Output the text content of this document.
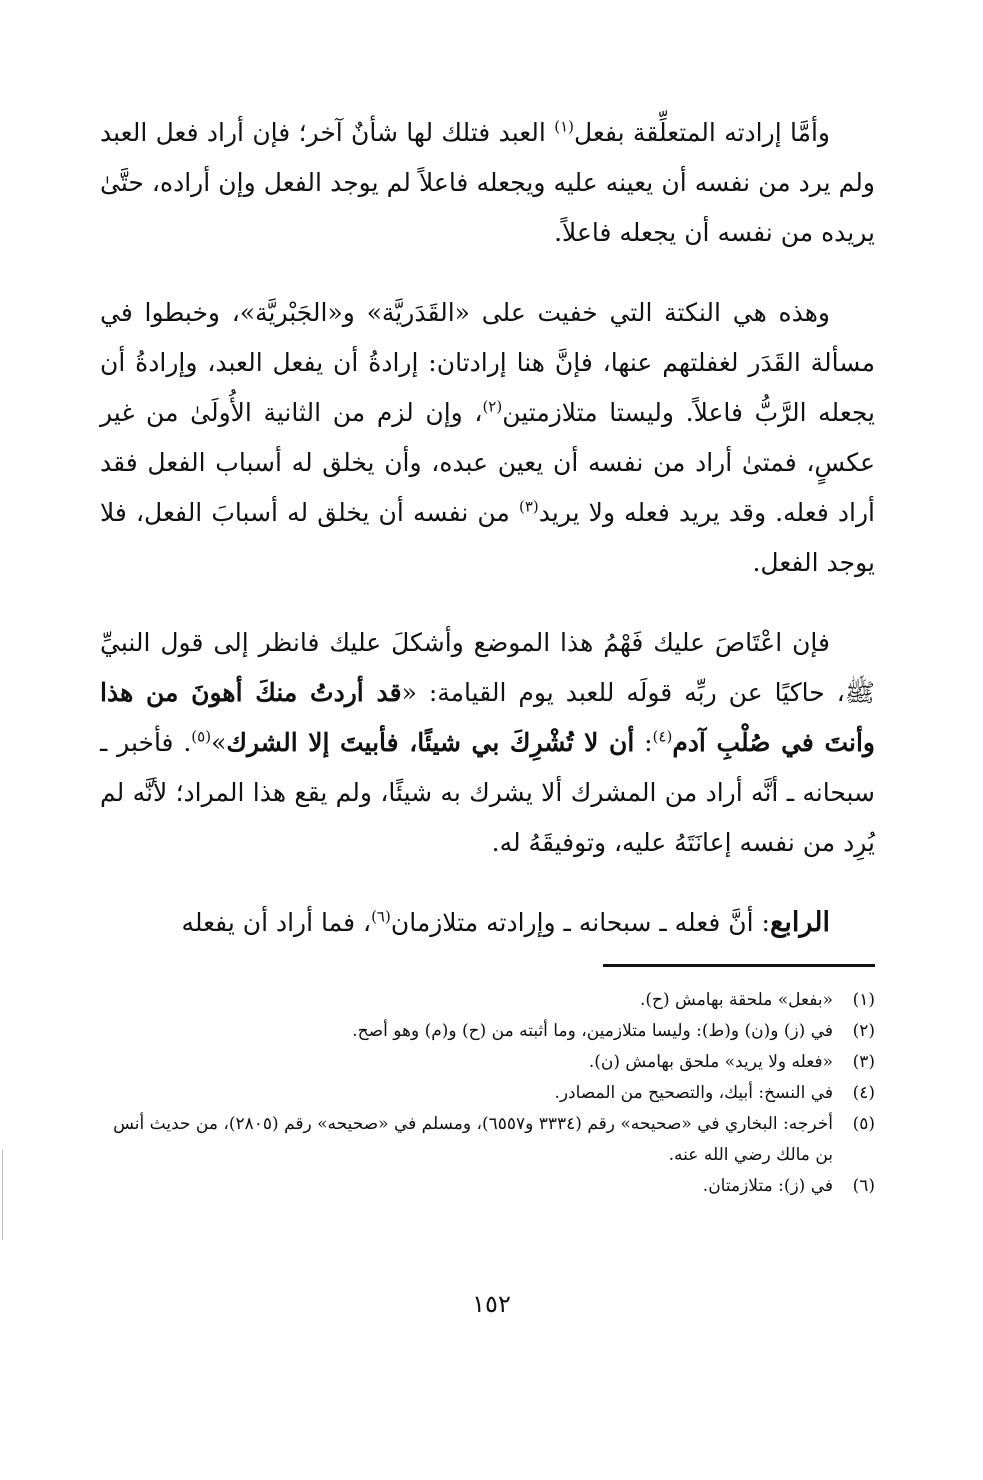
وأمَّا إرادته المتعلِّقة بفعل$^{(١)}$ العبد فتلك لها شأنٌ آخر؛ فإن أراد فعل العبد ولم يرد من نفسه أن يعينه عليه ويجعله فاعلاً لم يوجد الفعل وإن أراده، حتَّىٰ يريده من نفسه أن يجعله فاعلاً.

وهذه هي النكتة التي خفيت على «القَدَريَّة» و«الجَبْريَّة»، وخبطوا في مسألة القَدَر لغفلتهم عنها، فإنَّ هنا إرادتان: إرادةُ أن يفعل العبد، وإرادةُ أن يجعله الرَّبُّ فاعلاً. وليستا متلازمتين$^{(٢)}$، وإن لزم من الثانية الأُولَىٰ من غير عكسٍ، فمتىٰ أراد من نفسه أن يعين عبده، وأن يخلق له أسباب الفعل فقد أراد فعله. وقد يريد فعله ولا يريد$^{(٣)}$ من نفسه أن يخلق له أسبابَ الفعل، فلا يوجد الفعل.

فإن اعْتَاصَ عليك فَهْمُ هذا الموضع وأشكلَ عليك فانظر إلى قول النبيِّ ﷺ، حاكيًا عن ربِّه قولَه للعبد يوم القيامة: «قد أردتُ منكَ أهونَ من هذا وأنتَ في صُلْبِ آدم$^{(٤)}$: أن لا تُشْرِكَ بي شيئًا، فأبيتَ إلا الشرك»$^{(٥)}$. فأخبر ـ سبحانه ـ أنَّه أراد من المشرك ألا يشرك به شيئًا، ولم يقع هذا المراد؛ لأنَّه لم يُرِد من نفسه إعانَتَهُ عليه، وتوفيقَهُ له.

الرابع: أنَّ فعله ـ سبحانه ـ وإرادته متلازمان$^{(٦)}$، فما أراد أن يفعله

(١)
«بفعل» ملحقة بهامش (ح).
(٢)
في (ز) و(ن) و(ط): وليسا متلازمين، وما أثبته من (ح) و(م) وهو أصح.
(٣)
«فعله ولا يريد» ملحق بهامش (ن).
(٤)
في النسخ: أبيك، والتصحيح من المصادر.
(٥)
أخرجه: البخاري في «صحيحه» رقم (٣٣٣٤ و٦٥٥٧)، ومسلم في «صحيحه» رقم (٢٨٠٥)، من حديث أنس بن مالك رضي الله عنه.
(٦)
في (ز): متلازمتان.
١٥٢
